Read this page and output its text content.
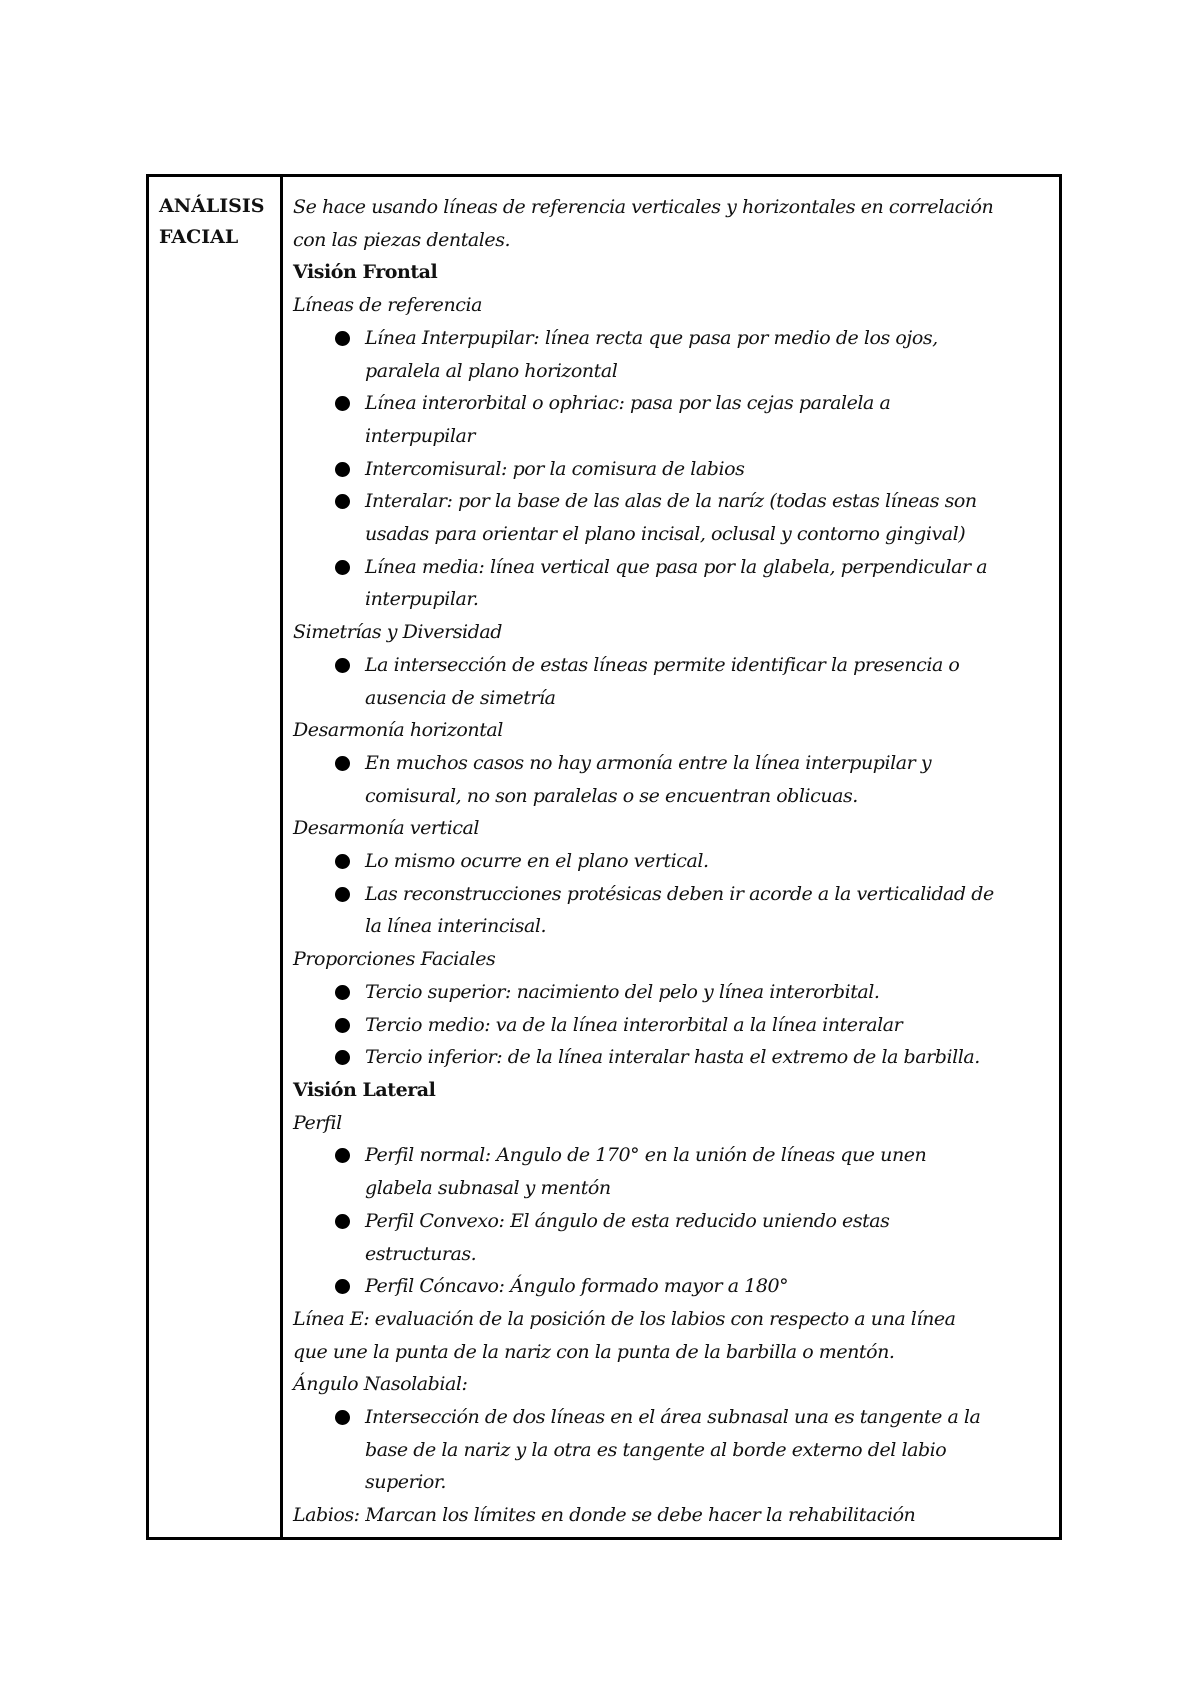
ANÁLISIS
FACIAL
Se hace usando líneas de referencia verticales y horizontales en correlación
con las piezas dentales.
Visión Frontal
Líneas de referencia
Línea Interpupilar: línea recta que pasa por medio de los ojos,
paralela al plano horizontal
Línea interorbital o ophriac: pasa por las cejas paralela a
interpupilar
Intercomisural: por la comisura de labios
Interalar: por la base de las alas de la naríz (todas estas líneas son
usadas para orientar el plano incisal, oclusal y contorno gingival)
Línea media: línea vertical que pasa por la glabela, perpendicular a
interpupilar.
Simetrías y Diversidad
La intersección de estas líneas permite identificar la presencia o
ausencia de simetría
Desarmonía horizontal
En muchos casos no hay armonía entre la línea interpupilar y
comisural, no son paralelas o se encuentran oblicuas.
Desarmonía vertical
Lo mismo ocurre en el plano vertical.
Las reconstrucciones protésicas deben ir acorde a la verticalidad de
la línea interincisal.
Proporciones Faciales
Tercio superior: nacimiento del pelo y línea interorbital.
Tercio medio: va de la línea interorbital a la línea interalar
Tercio inferior: de la línea interalar hasta el extremo de la barbilla.
Visión Lateral
Perfil
Perfil normal: Angulo de 170° en la unión de líneas que unen
glabela subnasal y mentón
Perfil Convexo: El ángulo de esta reducido uniendo estas
estructuras.
Perfil Cóncavo: Ángulo formado mayor a 180°
Línea E: evaluación de la posición de los labios con respecto a una línea
que une la punta de la nariz con la punta de la barbilla o mentón.
Ángulo Nasolabial:
Intersección de dos líneas en el área subnasal una es tangente a la
base de la nariz y la otra es tangente al borde externo del labio
superior.
Labios: Marcan los límites en donde se debe hacer la rehabilitación
